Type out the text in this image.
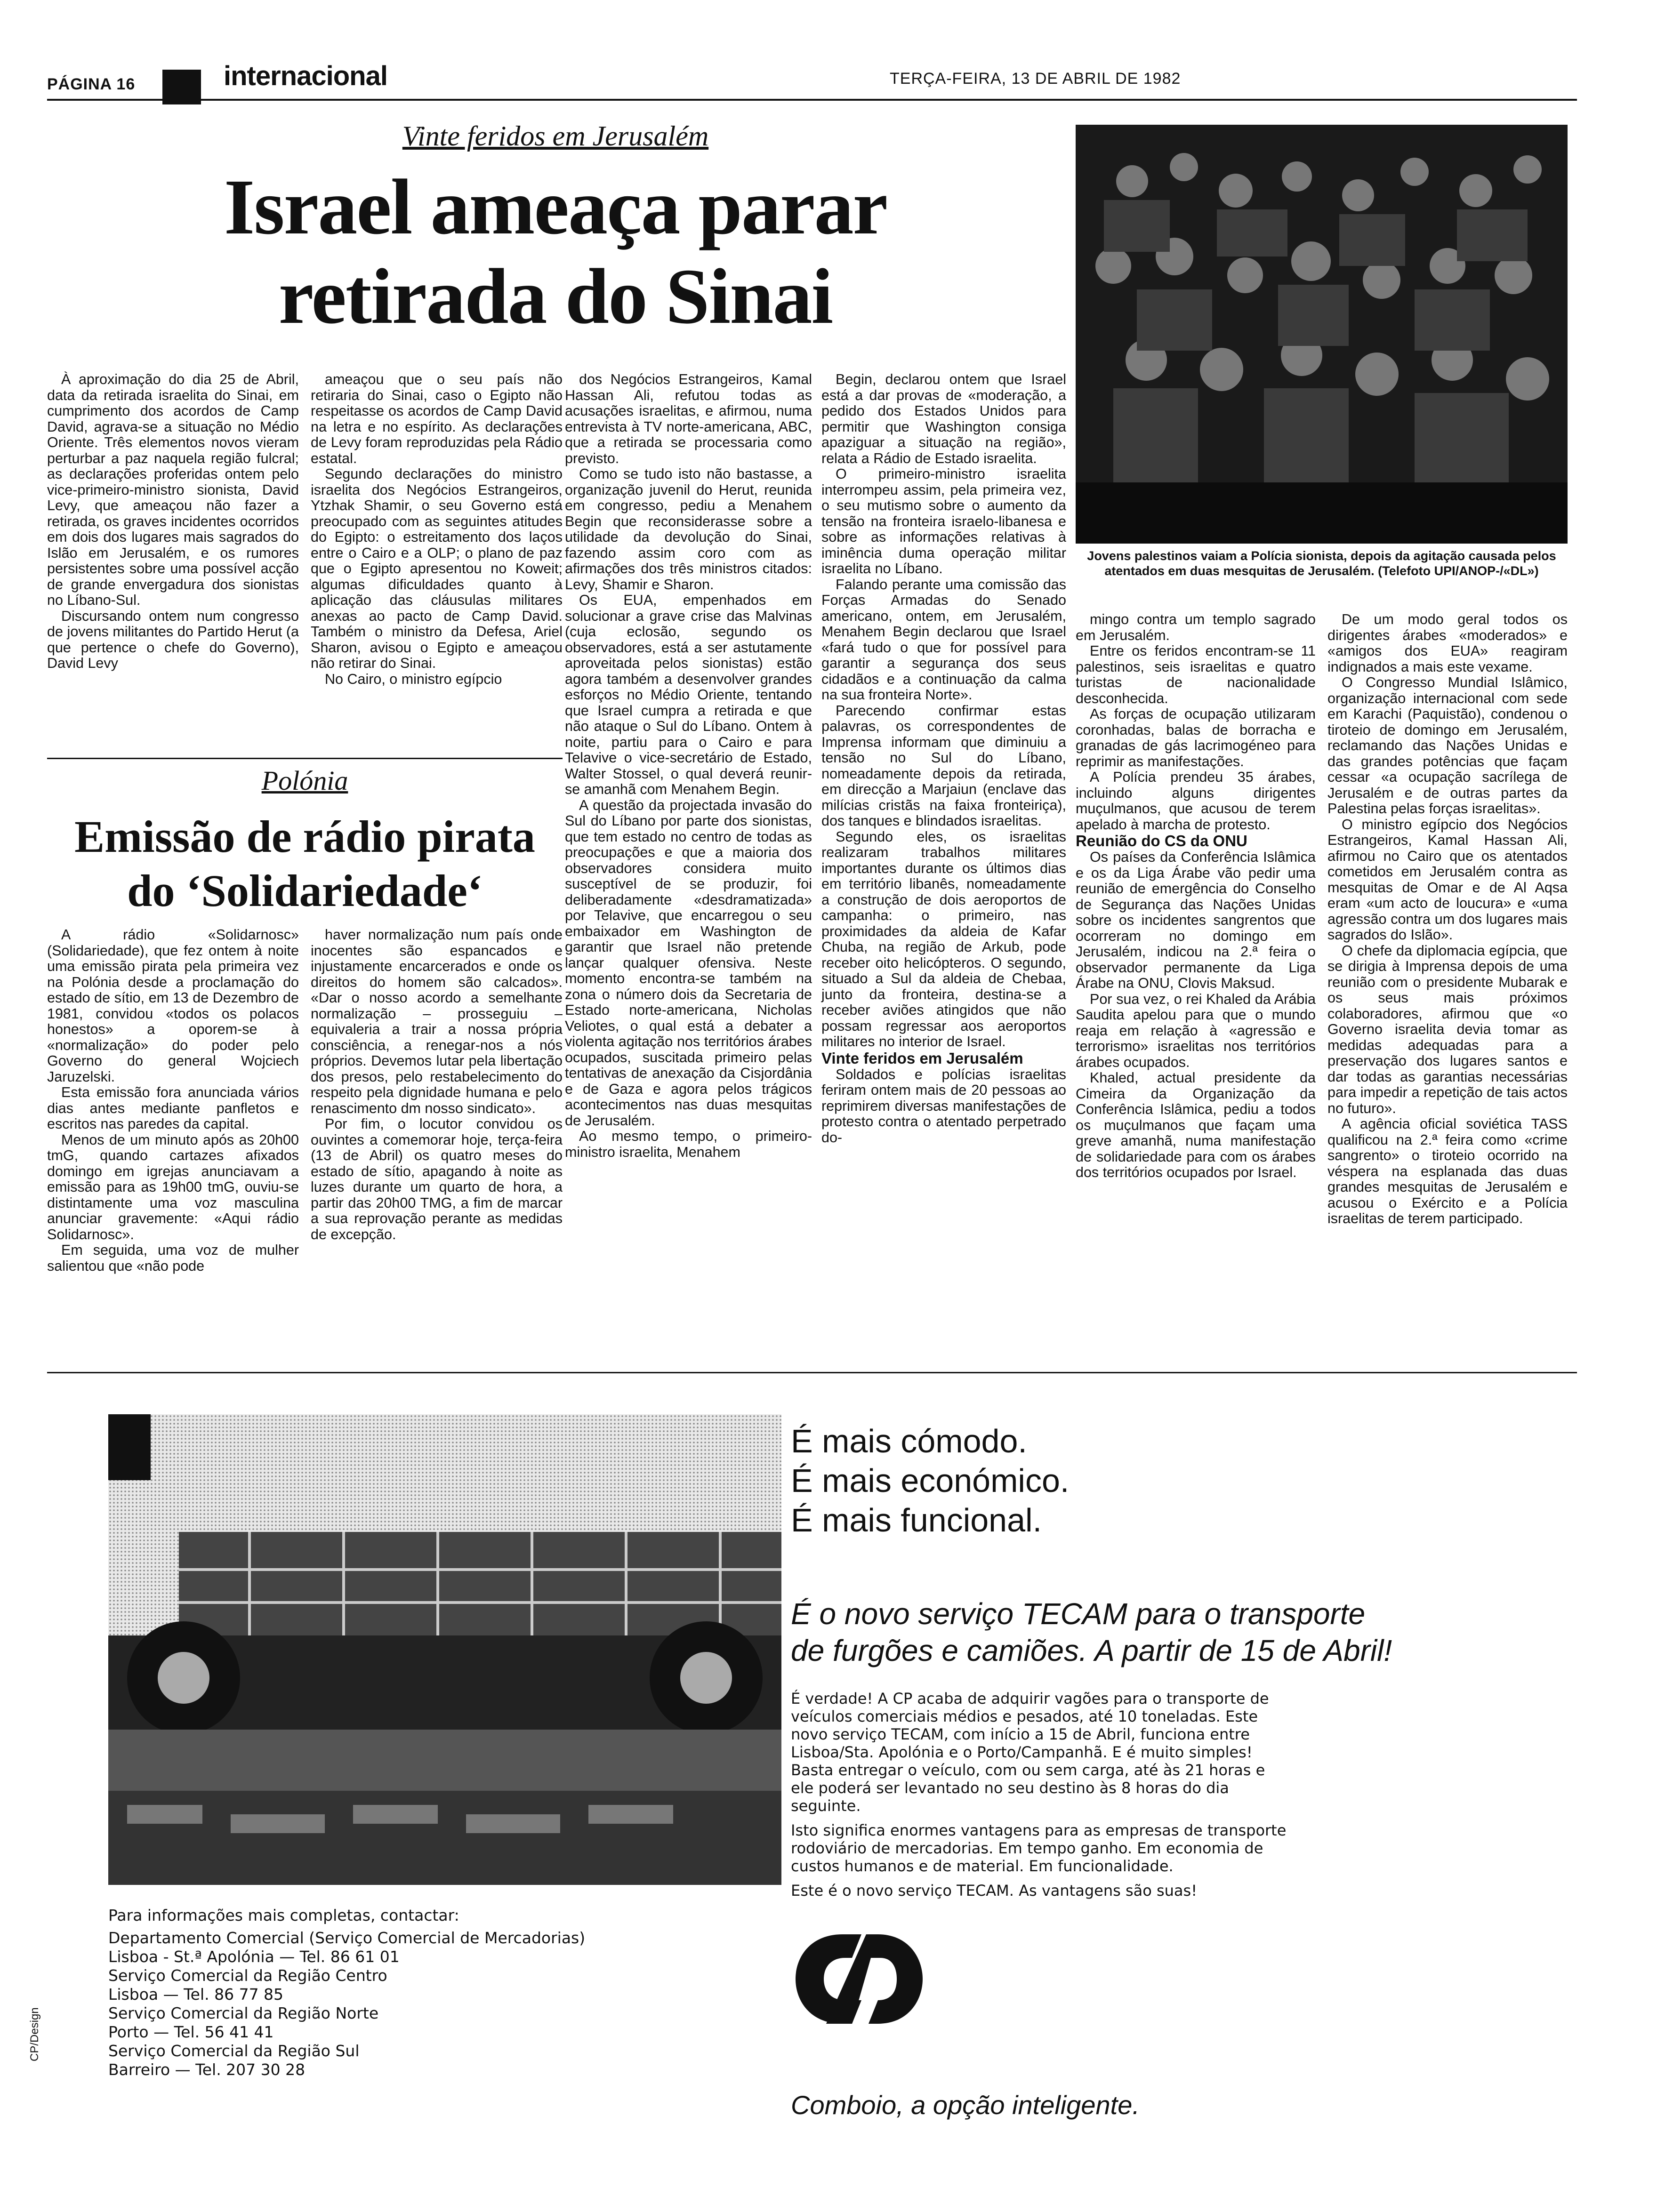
PÁGINA 16	internacional	TERÇA-FEIRA, 13 DE ABRIL DE 1982
Vinte feridos em Jerusalém
Israel ameaça parar
retirada do Sinai
Jovens palestinos vaiam a Polícia sionista, depois da agitação causada pelos atentados em duas mesquitas de Jerusalém. (Telefoto UPI/ANOP-/«DL»)

À aproximação do dia 25 de Abril, data da retirada israelita do Sinai, em cumprimento dos acordos de Camp David, agrava-se a situação no Médio Oriente. Três elementos novos vieram perturbar a paz naquela região fulcral; as declarações proferidas ontem pelo vice-primeiro-ministro sionista, David Levy, que ameaçou não fazer a retirada, os graves incidentes ocorridos em dois dos lugares mais sagrados do Islão em Jerusalém, e os rumores persistentes sobre uma possível acção de grande envergadura dos sionistas no Líbano-Sul.

Discursando ontem num congresso de jovens militantes do Partido Herut (a que pertence o chefe do Governo), David Levy

ameaçou que o seu país não retiraria do Sinai, caso o Egipto não respeitasse os acordos de Camp David na letra e no espírito. As declarações de Levy foram reproduzidas pela Rádio estatal.

Segundo declarações do ministro israelita dos Negócios Estrangeiros, Ytzhak Shamir, o seu Governo está preocupado com as seguintes atitudes do Egipto: o estreitamento dos laços entre o Cairo e a OLP; o plano de paz que o Egipto apresentou no Koweit; algumas dificuldades quanto à aplicação das cláusulas militares anexas ao pacto de Camp David. Também o ministro da Defesa, Ariel Sharon, avisou o Egipto e ameaçou não retirar do Sinai.

No Cairo, o ministro egípcio

dos Negócios Estrangeiros, Kamal Hassan Ali, refutou todas as acusações israelitas, e afirmou, numa entrevista à TV norte-americana, ABC, que a retirada se processaria como previsto.

Como se tudo isto não bastasse, a organização juvenil do Herut, reunida em congresso, pediu a Menahem Begin que reconsiderasse sobre a utilidade da devolução do Sinai, fazendo assim coro com as afirmações dos três ministros citados: Levy, Shamir e Sharon.

Os EUA, empenhados em solucionar a grave crise das Malvinas (cuja eclosão, segundo os observadores, está a ser astutamente aproveitada pelos sionistas) estão agora também a desenvolver grandes esforços no Médio Oriente, tentando que Israel cumpra a retirada e que não ataque o Sul do Líbano. Ontem à noite, partiu para o Cairo e para Telavive o vice-secretário de Estado, Walter Stossel, o qual deverá reunir-se amanhã com Menahem Begin.

A questão da projectada invasão do Sul do Líbano por parte dos sionistas, que tem estado no centro de todas as preocupações e que a maioria dos observadores considera muito susceptível de se produzir, foi deliberadamente «desdramatizada» por Telavive, que encarregou o seu embaixador em Washington de garantir que Israel não pretende lançar qualquer ofensiva. Neste momento encontra-se também na zona o número dois da Secretaria de Estado norte-americana, Nicholas Veliotes, o qual está a debater a violenta agitação nos territórios árabes ocupados, suscitada primeiro pelas tentativas de anexação da Cisjordânia e de Gaza e agora pelos trágicos acontecimentos nas duas mesquitas de Jerusalém.

Ao mesmo tempo, o primeiro-ministro israelita, Menahem

Begin, declarou ontem que Israel está a dar provas de «moderação, a pedido dos Estados Unidos para permitir que Washington consiga apaziguar a situação na região», relata a Rádio de Estado israelita.

O primeiro-ministro israelita interrompeu assim, pela primeira vez, o seu mutismo sobre o aumento da tensão na fronteira israelo-libanesa e sobre as informações relativas à iminência duma operação militar israelita no Líbano.

Falando perante uma comissão das Forças Armadas do Senado americano, ontem, em Jerusalém, Menahem Begin declarou que Israel «fará tudo o que for possível para garantir a segurança dos seus cidadãos e a continuação da calma na sua fronteira Norte».

Parecendo confirmar estas palavras, os correspondentes de Imprensa informam que diminuiu a tensão no Sul do Líbano, nomeadamente depois da retirada, em direcção a Marjaiun (enclave das milícias cristãs na faixa fronteiriça), dos tanques e blindados israelitas.

Segundo eles, os israelitas realizaram trabalhos militares importantes durante os últimos dias em território libanês, nomeadamente a construção de dois aeroportos de campanha: o primeiro, nas proximidades da aldeia de Kafar Chuba, na região de Arkub, pode receber oito helicópteros. O segundo, situado a Sul da aldeia de Chebaa, junto da fronteira, destina-se a receber aviões atingidos que não possam regressar aos aeroportos militares no interior de Israel.

Vinte feridos em Jerusalém

Soldados e polícias israelitas feriram ontem mais de 20 pessoas ao reprimirem diversas manifestações de protesto contra o atentado perpetrado do-

mingo contra um templo sagrado em Jerusalém.

Entre os feridos encontram-se 11 palestinos, seis israelitas e quatro turistas de nacionalidade desconhecida.

As forças de ocupação utilizaram coronhadas, balas de borracha e granadas de gás lacrimogéneo para reprimir as manifestações.

A Polícia prendeu 35 árabes, incluindo alguns dirigentes muçulmanos, que acusou de terem apelado à marcha de protesto.

Reunião do CS da ONU

Os países da Conferência Islâmica e os da Liga Árabe vão pedir uma reunião de emergência do Conselho de Segurança das Nações Unidas sobre os incidentes sangrentos que ocorreram no domingo em Jerusalém, indicou na 2.ª feira o observador permanente da Liga Árabe na ONU, Clovis Maksud.

Por sua vez, o rei Khaled da Arábia Saudita apelou para que o mundo reaja em relação à «agressão e terrorismo» israelitas nos territórios árabes ocupados.

Khaled, actual presidente da Cimeira da Organização da Conferência Islâmica, pediu a todos os muçulmanos que façam uma greve amanhã, numa manifestação de solidariedade para com os árabes dos territórios ocupados por Israel.

De um modo geral todos os dirigentes árabes «moderados» e «amigos dos EUA» reagiram indignados a mais este vexame.

O Congresso Mundial Islâmico, organização internacional com sede em Karachi (Paquistão), condenou o tiroteio de domingo em Jerusalém, reclamando das Nações Unidas e das grandes potências que façam cessar «a ocupação sacrílega de Jerusalém e de outras partes da Palestina pelas forças israelitas».

O ministro egípcio dos Negócios Estrangeiros, Kamal Hassan Ali, afirmou no Cairo que os atentados cometidos em Jerusalém contra as mesquitas de Omar e de Al Aqsa eram «um acto de loucura» e «uma agressão contra um dos lugares mais sagrados do Islão».

O chefe da diplomacia egípcia, que se dirigia à Imprensa depois de uma reunião com o presidente Mubarak e os seus mais próximos colaboradores, afirmou que «o Governo israelita devia tomar as medidas adequadas para a preservação dos lugares santos e dar todas as garantias necessárias para impedir a repetição de tais actos no futuro».

A agência oficial soviética TASS qualificou na 2.ª feira como «crime sangrento» o tiroteio ocorrido na véspera na esplanada das duas grandes mesquitas de Jerusalém e acusou o Exército e a Polícia israelitas de terem participado.

Polónia
Emissão de rádio pirata
do ‘Solidariedade‘

A rádio «Solidarnosc» (Solidariedade), que fez ontem à noite uma emissão pirata pela primeira vez na Polónia desde a proclamação do estado de sítio, em 13 de Dezembro de 1981, convidou «todos os polacos honestos» a oporem-se à «normalização» do poder pelo Governo do general Wojciech Jaruzelski.

Esta emissão fora anunciada vários dias antes mediante panfletos e escritos nas paredes da capital.

Menos de um minuto após as 20h00 tmG, quando cartazes afixados domingo em igrejas anunciavam a emissão para as 19h00 tmG, ouviu-se distintamente uma voz masculina anunciar gravemente: «Aqui rádio Solidarnosc».

Em seguida, uma voz de mulher salientou que «não pode

haver normalização num país onde inocentes são espancados e injustamente encarcerados e onde os direitos do homem são calcados». «Dar o nosso acordo a semelhante normalização – prosseguiu – equivaleria a trair a nossa própria consciência, a renegar-nos a nós próprios. Devemos lutar pela libertação dos presos, pelo restabelecimento do respeito pela dignidade humana e pelo renascimento dm nosso sindicato».

Por fim, o locutor convidou os ouvintes a comemorar hoje, terça-feira (13 de Abril) os quatro meses do estado de sítio, apagando à noite as luzes durante um quarto de hora, a partir das 20h00 TMG, a fim de marcar a sua reprovação perante as medidas de excepção.

É mais cómodo.
É mais económico.
É mais funcional.
É o novo serviço TECAM para o transporte
de furgões e camiões. A partir de 15 de Abril!

É verdade! A CP acaba de adquirir vagões para o transporte de veículos comerciais médios e pesados, até 10 toneladas. Este novo serviço TECAM, com início a 15 de Abril, funciona entre Lisboa/Sta. Apolónia e o Porto/Campanhã. E é muito simples! Basta entregar o veículo, com ou sem carga, até às 21 horas e ele poderá ser levantado no seu destino às 8 horas do dia seguinte.

Isto significa enormes vantagens para as empresas de transporte rodoviário de mercadorias. Em tempo ganho. Em economia de custos humanos e de material. Em funcionalidade.

Este é o novo serviço TECAM. As vantagens são suas!

Para informações mais completas, contactar:
Departamento Comercial (Serviço Comercial de Mercadorias)
Lisboa - St.ª Apolónia — Tel. 86 61 01
Serviço Comercial da Região Centro
Lisboa — Tel. 86 77 85
Serviço Comercial da Região Norte
Porto — Tel. 56 41 41
Serviço Comercial da Região Sul
Barreiro — Tel. 207 30 28
Comboio, a opção inteligente.
CP/Design
